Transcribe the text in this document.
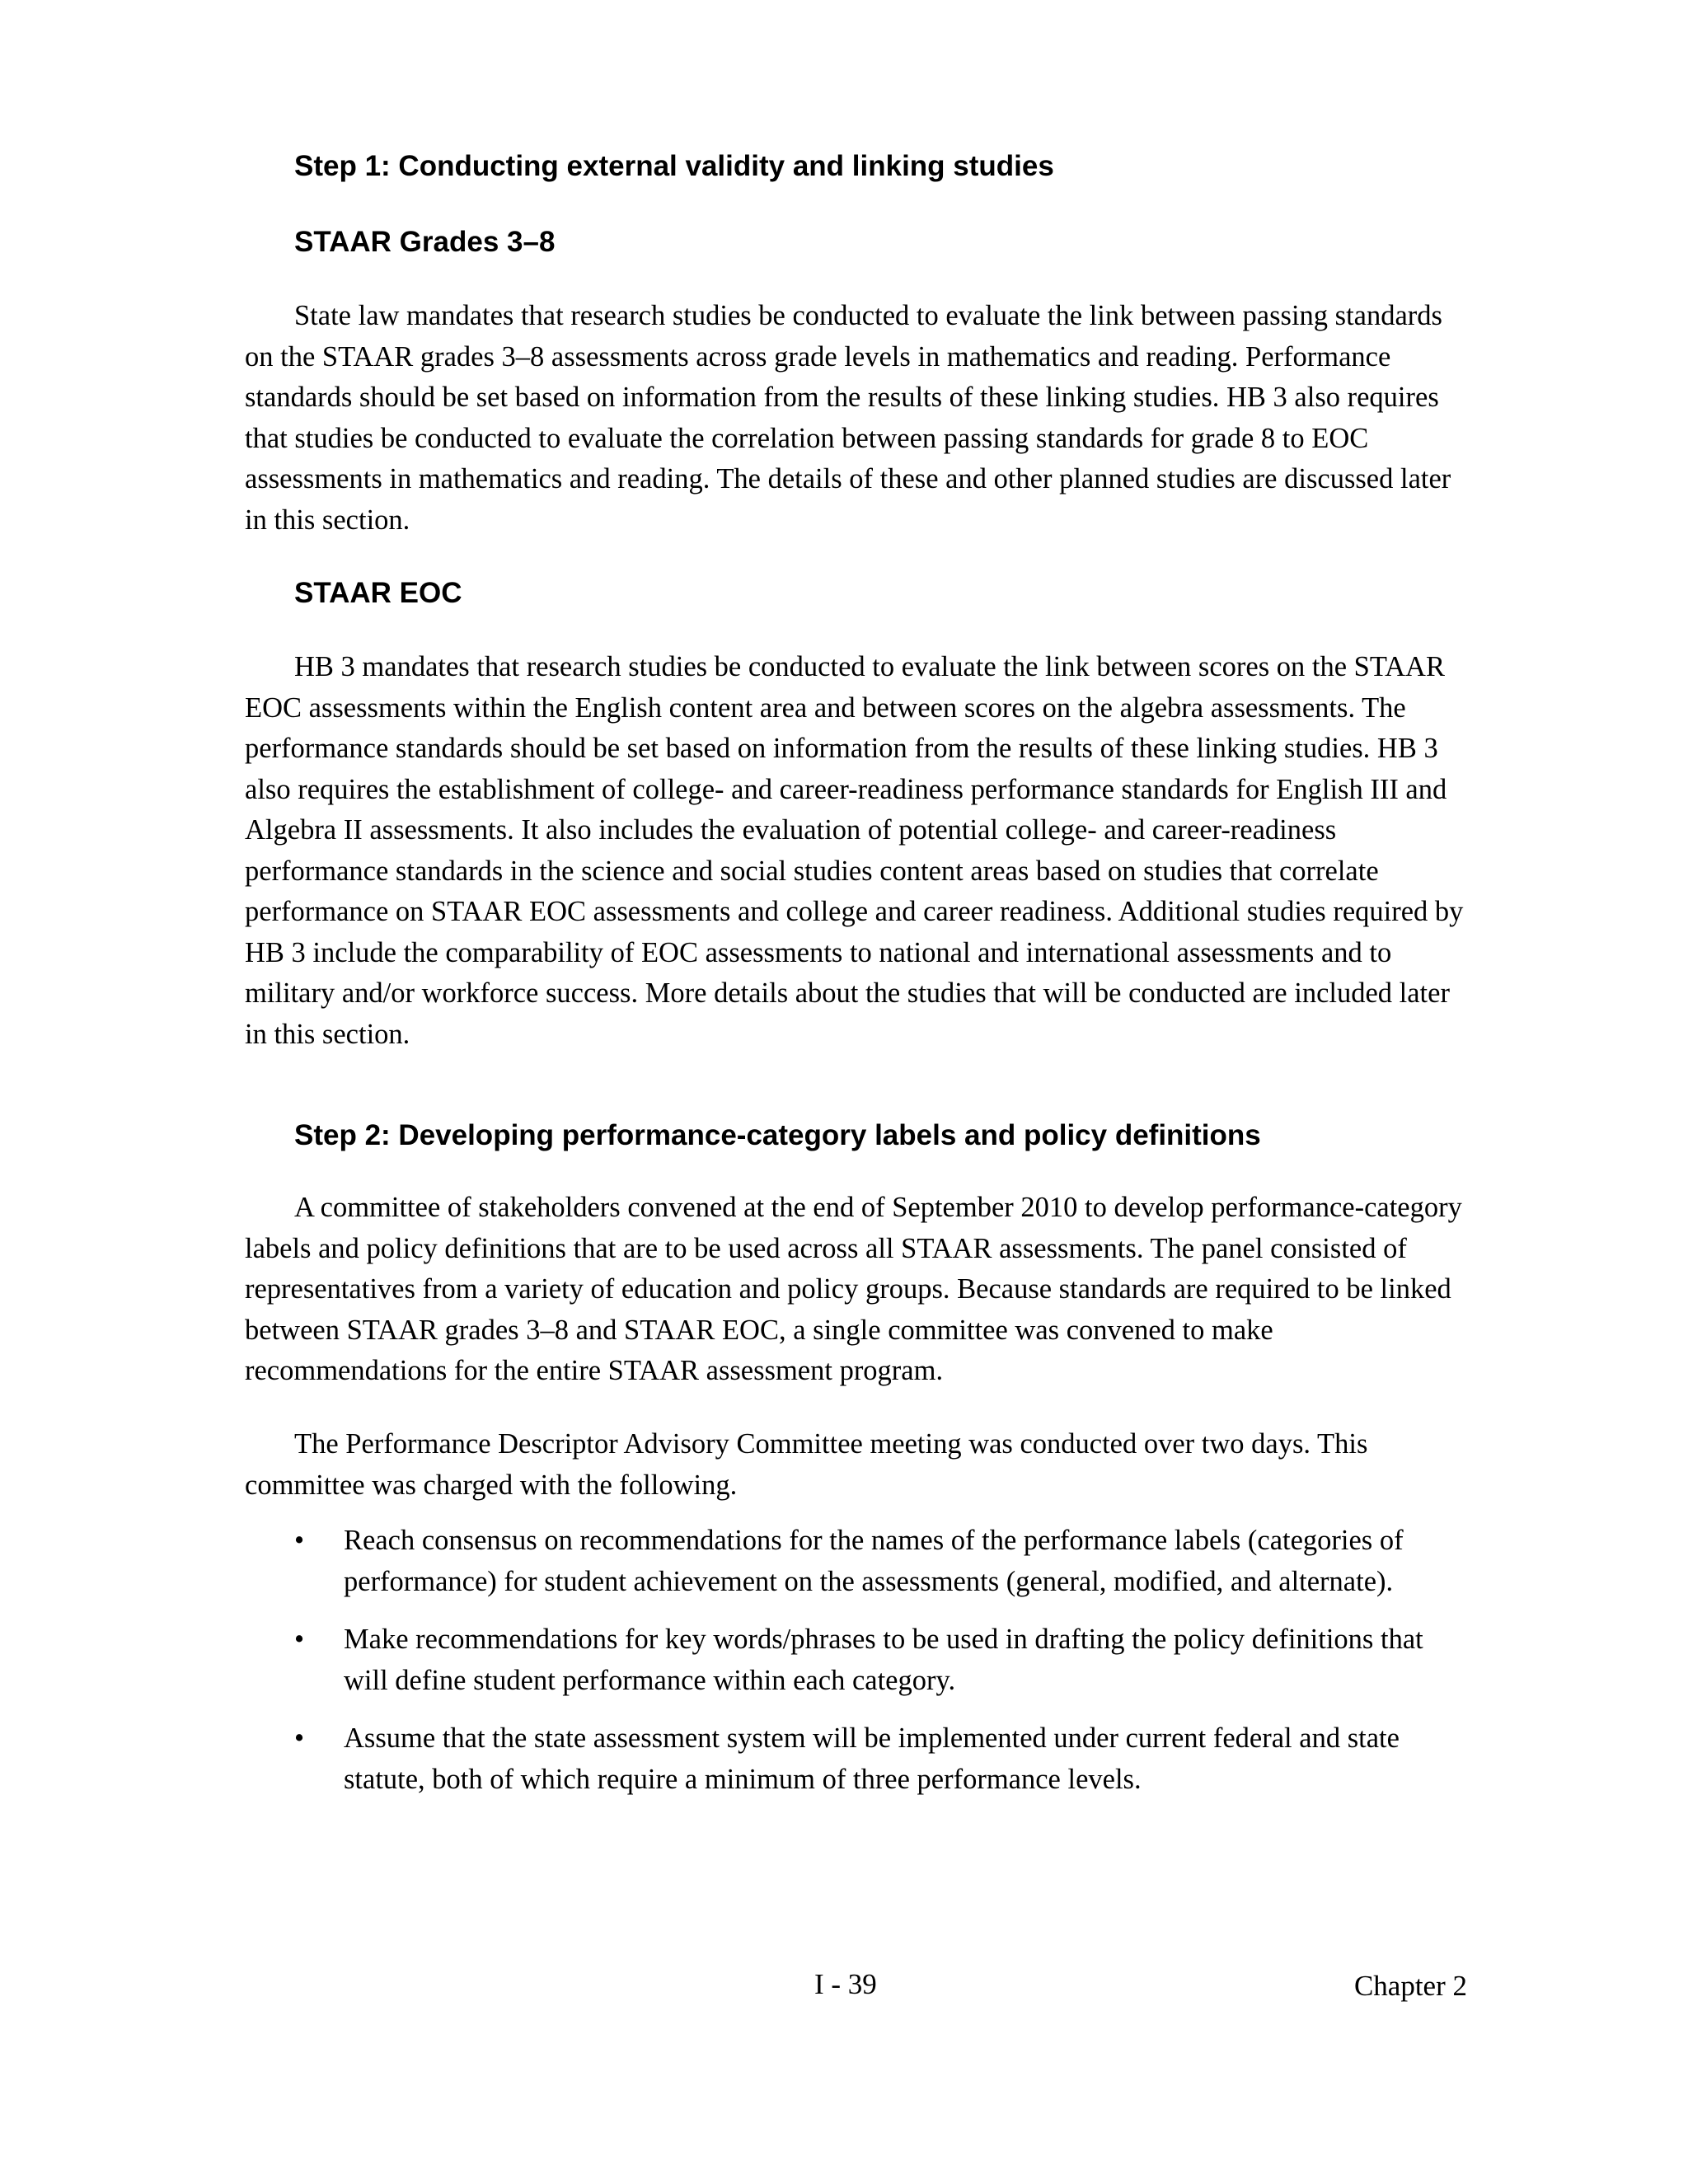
Step 1: Conducting external validity and linking studies
STAAR Grades 3–8

State law mandates that research studies be conducted to evaluate the link between passing standards on the STAAR grades 3–8 assessments across grade levels in mathematics and reading. Performance standards should be set based on information from the results of these linking studies. HB 3 also requires that studies be conducted to evaluate the correlation between passing standards for grade 8 to EOC assessments in mathematics and reading. The details of these and other planned studies are discussed later in this section.

STAAR EOC

HB 3 mandates that research studies be conducted to evaluate the link between scores on the STAAR EOC assessments within the English content area and between scores on the algebra assessments. The performance standards should be set based on information from the results of these linking studies. HB 3 also requires the establishment of college- and career-readiness performance standards for English III and Algebra II assessments. It also includes the evaluation of potential college- and career-readiness performance standards in the science and social studies content areas based on studies that correlate performance on STAAR EOC assessments and college and career readiness. Additional studies required by HB 3 include the comparability of EOC assessments to national and international assessments and to military and/or workforce success. More details about the studies that will be conducted are included later in this section.

Step 2: Developing performance-category labels and policy definitions

A committee of stakeholders convened at the end of September 2010 to develop performance-category labels and policy definitions that are to be used across all STAAR assessments. The panel consisted of representatives from a variety of education and policy groups. Because standards are required to be linked between STAAR grades 3–8 and STAAR EOC, a single committee was convened to make recommendations for the entire STAAR assessment program.

The Performance Descriptor Advisory Committee meeting was conducted over two days. This committee was charged with the following.

• Reach consensus on recommendations for the names of the performance labels (categories of performance) for student achievement on the assessments (general, modified, and alternate).
• Make recommendations for key words/phrases to be used in drafting the policy definitions that will define student performance within each category.
• Assume that the state assessment system will be implemented under current federal and state statute, both of which require a minimum of three performance levels.
I - 39	Chapter 2
